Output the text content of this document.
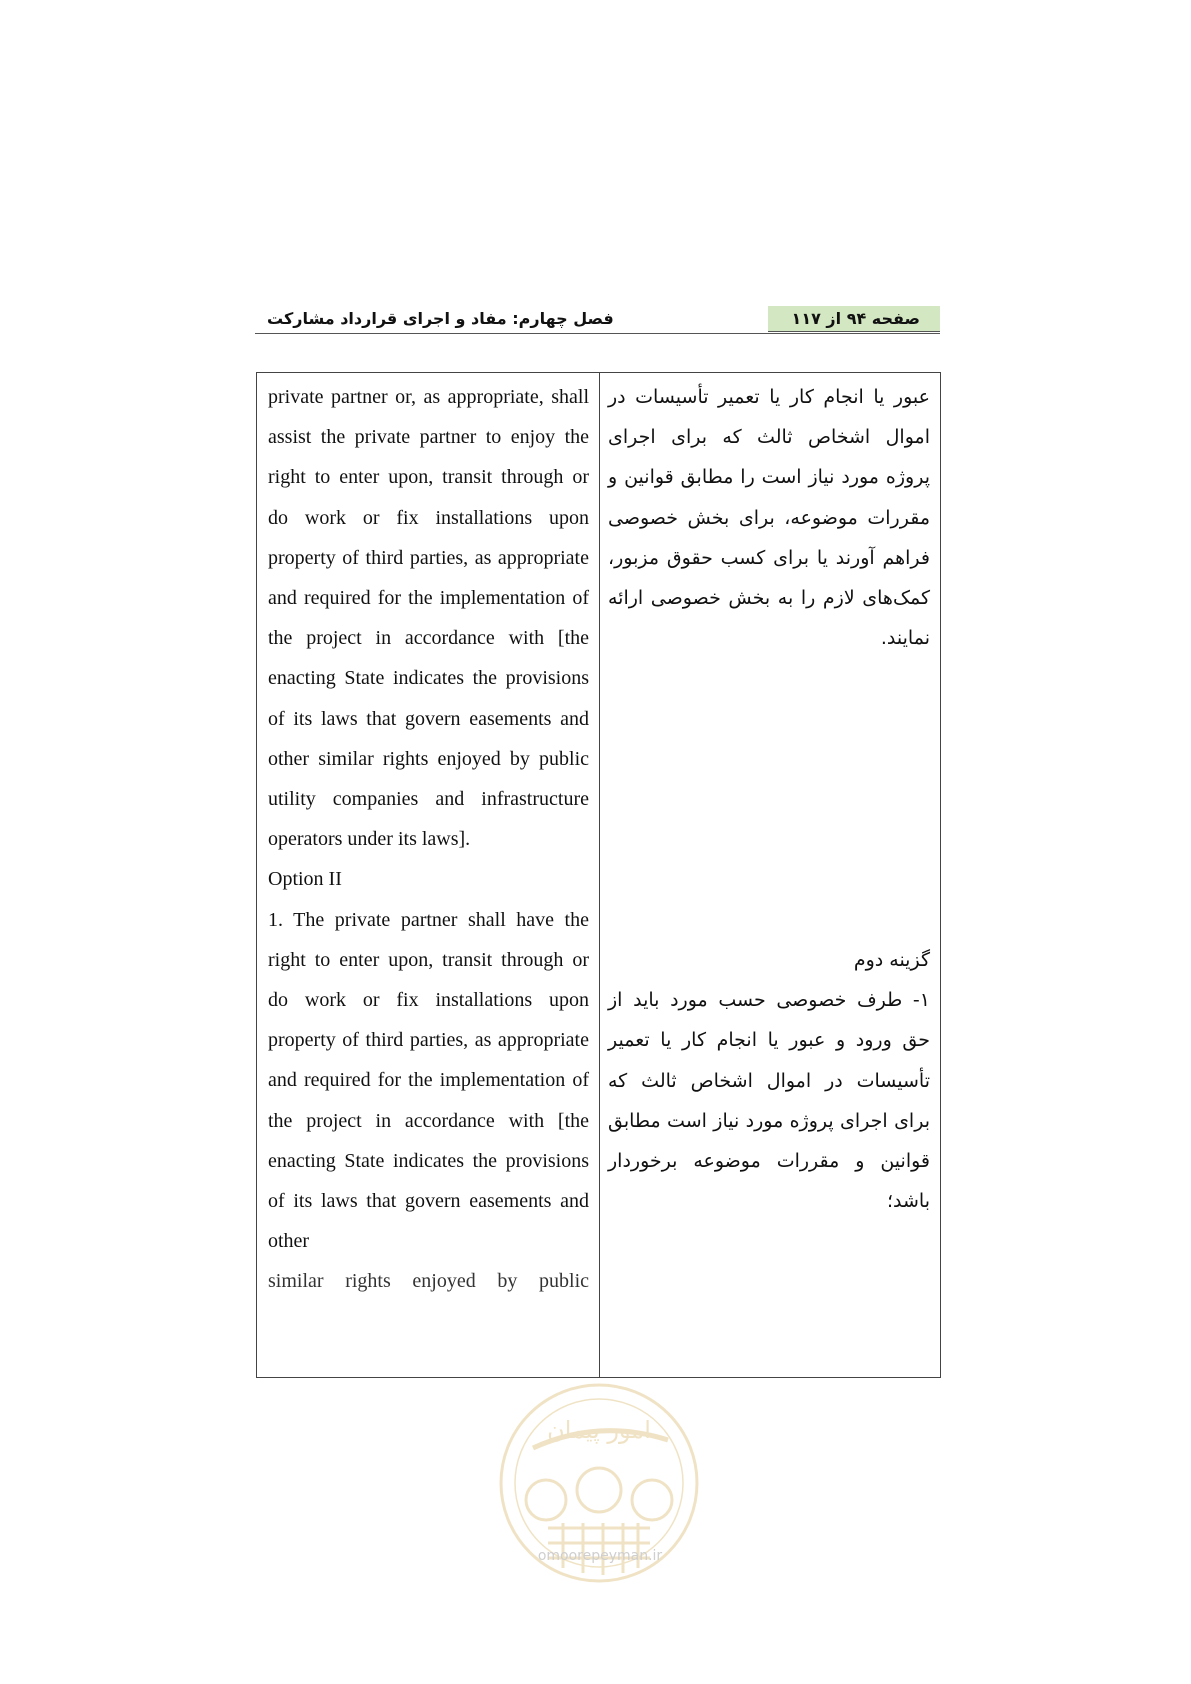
صفحه ۹۴ از ۱۱۷
فصل چهارم: مفاد و اجرای قرارداد مشارکت

private partner or, as appropriate, shall assist the private partner to enjoy the right to enter upon, transit through or do work or fix installations upon property of third parties, as appropriate and required for the implementation of the project in accordance with [the enacting State indicates the provisions of its laws that govern easements and other similar rights enjoyed by public utility companies and infrastructure operators under its laws].

Option II

1. The private partner shall have the right to enter upon, transit through or do work or fix installations upon property of third parties, as appropriate and required for the implementation of the project in accordance with [the enacting State indicates the provisions of its laws that govern easements and other

similar rights enjoyed by public

عبور یا انجام کار یا تعمیر تأسیسات در اموال اشخاص ثالث که برای اجرای پروژه مورد نیاز است را مطابق قوانین و مقررات موضوعه، برای بخش خصوصی فراهم آورند یا برای کسب حقوق مزبور، کمک‌های لازم را به بخش خصوصی ارائه نمایند.

گزینه دوم

۱- طرف خصوصی حسب مورد باید از حق ورود و عبور یا انجام کار یا تعمیر تأسیسات در اموال اشخاص ثالث که برای اجرای پروژه مورد نیاز است مطابق قوانین و مقررات موضوعه برخوردار باشد؛

امور پیمان
omoorepeyman.ir
